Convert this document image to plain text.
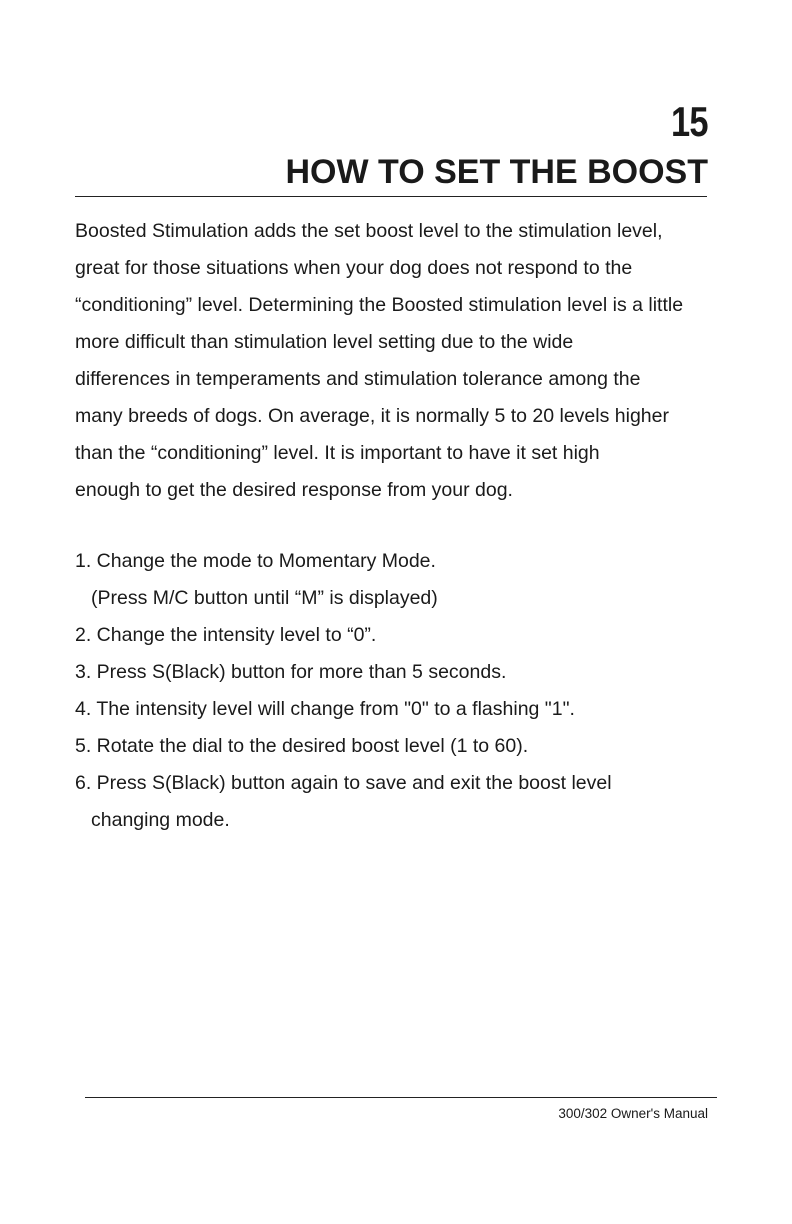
15
HOW TO SET THE BOOST
Boosted Stimulation adds the set boost level to the stimulation level,
great for those situations when your dog does not respond to the
“conditioning” level. Determining the Boosted stimulation level is a little
more difficult than stimulation level setting due to the wide
differences in temperaments and stimulation tolerance among the
many breeds of dogs. On average, it is normally 5 to 20 levels higher
than the “conditioning” level. It is important to have it set high
enough to get the desired response from your dog.
1. Change the mode to Momentary Mode.
(Press M/C button until “M” is displayed)
2. Change the intensity level to “0”.
3. Press S(Black) button for more than 5 seconds.
4. The intensity level will change from "0" to a flashing "1".
5. Rotate the dial to the desired boost level (1 to 60).
6. Press S(Black) button again to save and exit the boost level
changing mode.
300/302 Owner's Manual
